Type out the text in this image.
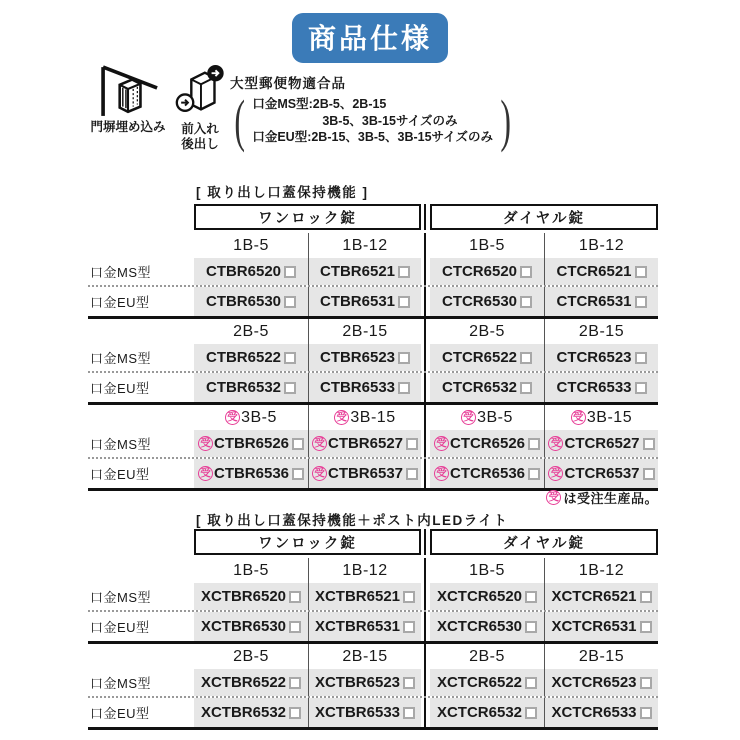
商品仕様
門塀埋め込み	前入れ
後出し
大型郵便物適合品
( 口金MS型:2B-5、2B-15
3B-5、3B-15サイズのみ
口金EU型:2B-15、3B-5、3B-15サイズのみ )
[ 取り出し口蓋保持機能 ]
ワンロック錠	ダイヤル錠
1B-5	1B-12	1B-5	1B-12
口金MS型	CTBR6520	CTBR6521	CTCR6520	CTCR6521
口金EU型	CTBR6530	CTBR6531	CTCR6530	CTCR6531
2B-5	2B-15	2B-5	2B-15
口金MS型	CTBR6522	CTBR6523	CTCR6522	CTCR6523
口金EU型	CTBR6532	CTBR6533	CTCR6532	CTCR6533
受 3B-5	受 3B-15	受 3B-5	受 3B-15
口金MS型	受 CTBR6526 受 CTBR6527	受 CTCR6526 受 CTCR6527
口金EU型	受 CTBR6536 受 CTBR6537	受 CTCR6536 受 CTCR6537
受 は受注生産品。
[ 取り出し口蓋保持機能＋ポスト内LEDライト
ワンロック錠	ダイヤル錠
1B-5	1B-12	1B-5	1B-12
口金MS型	XCTBR6520 XCTBR6521 XCTCR6520 XCTCR6521
口金EU型	XCTBR6530 XCTBR6531 XCTCR6530 XCTCR6531
2B-5	2B-15	2B-5	2B-15
口金MS型	XCTBR6522 XCTBR6523 XCTCR6522 XCTCR6523
口金EU型	XCTBR6532 XCTBR6533 XCTCR6532 XCTCR6533
